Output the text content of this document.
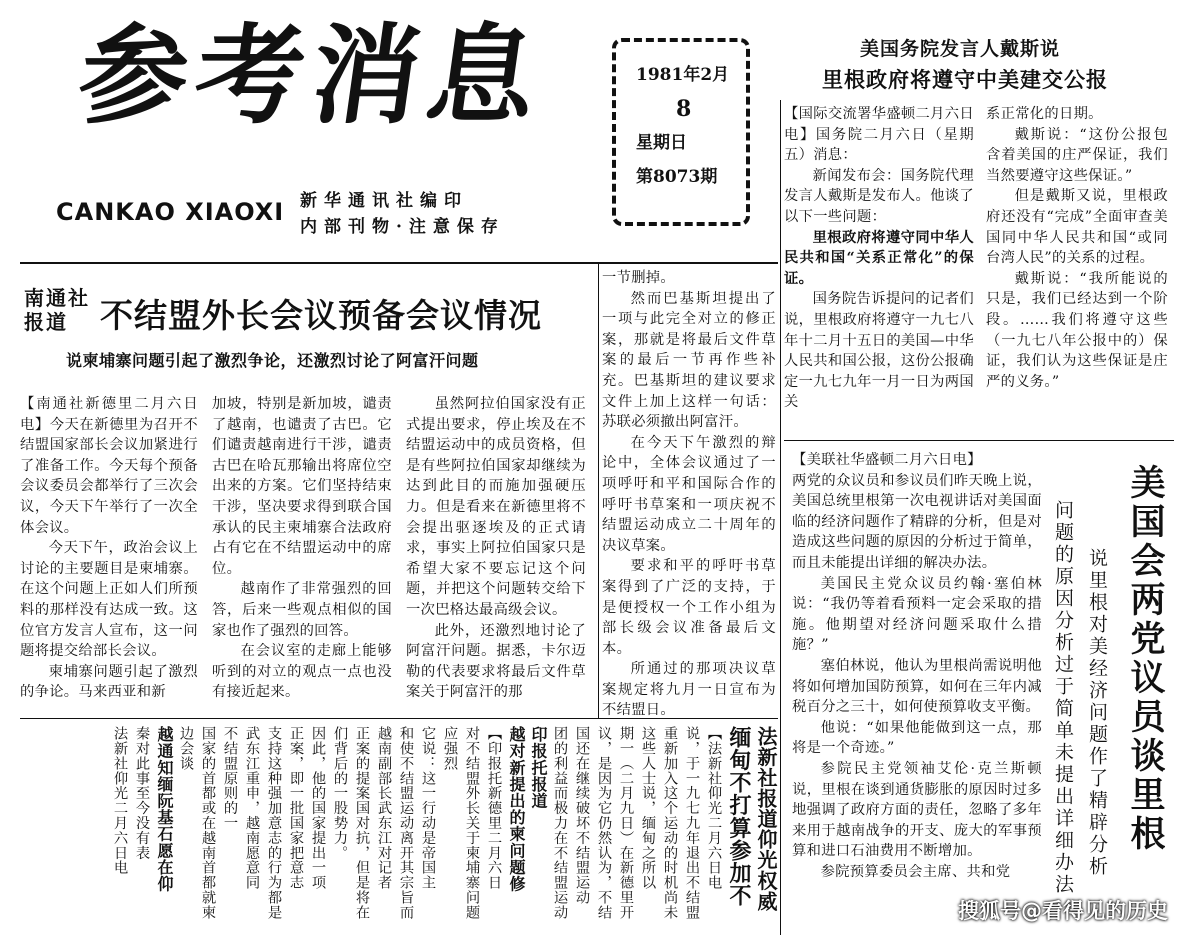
参考消息
CANKAO XIAOXI 新华通讯社编印
内部刊物·注意保存
1981年2月
8
星期日
第8073期
美国务院发言人戴斯说
里根政府将遵守中美建交公报

【国际交流署华盛顿二月六日电】国务院二月六日（星期五）消息：

新闻发布会：国务院代理发言人戴斯是发布人。他谈了以下一些问题：

里根政府将遵守同中华人民共和国“关系正常化”的保证。

国务院告诉提问的记者们说，里根政府将遵守一九七八年十二月十五日的美国—中华人民共和国公报，这份公报确定一九七九年一月一日为两国关

系正常化的日期。

戴斯说：“这份公报包含着美国的庄严保证，我们当然要遵守这些保证。”

但是戴斯又说，里根政府还没有“完成”全面审查美国同中华人民共和国“或同台湾人民”的关系的过程。

戴斯说：“我所能说的只是，我们已经达到一个阶段。……我们将遵守这些（一九七八年公报中的）保证，我们认为这些保证是庄严的义务。”

南通社报道 不结盟外长会议预备会议情况
说柬埔寨问题引起了激烈争论，还激烈讨论了阿富汗问题

【南通社新德里二月六日电】今天在新德里为召开不结盟国家部长会议加紧进行了准备工作。今天每个预备会议委员会都举行了三次会议，今天下午举行了一次全体会议。

今天下午，政治会议上讨论的主要题目是柬埔寨。在这个问题上正如人们所预料的那样没有达成一致。这位官方发言人宣布，这一问题将提交给部长会议。

柬埔寨问题引起了激烈的争论。马来西亚和新

加坡，特别是新加坡，谴责了越南，也谴责了古巴。它们谴责越南进行干涉，谴责古巴在哈瓦那输出将席位空出来的方案。它们坚持结束干涉，坚决要求得到联合国承认的民主柬埔寨合法政府占有它在不结盟运动中的席位。

越南作了非常强烈的回答，后来一些观点相似的国家也作了强烈的回答。

在会议室的走廊上能够听到的对立的观点一点也没有接近起来。

虽然阿拉伯国家没有正式提出要求，停止埃及在不结盟运动中的成员资格，但是有些阿拉伯国家却继续为达到此目的而施加强硬压力。但是看来在新德里将不会提出驱逐埃及的正式请求，事实上阿拉伯国家只是希望大家不要忘记这个问题，并把这个问题转交给下一次巴格达最高级会议。

此外，还激烈地讨论了阿富汗问题。据悉，卡尔迈勒的代表要求将最后文件草案关于阿富汗的那

一节删掉。

然而巴基斯坦提出了一项与此完全对立的修正案，那就是将最后文件草案的最后一节再作些补充。巴基斯坦的建议要求文件上加上这样一句话：苏联必须撤出阿富汗。

在今天下午激烈的辩论中，全体会议通过了一项呼吁和平和国际合作的呼吁书草案和一项庆祝不结盟运动成立二十周年的决议草案。

要求和平的呼吁书草案得到了广泛的支持，于是便授权一个工作小组为部长级会议准备最后文本。

所通过的那项决议草案规定将九月一日宣布为不结盟日。

【美联社华盛顿二月六日电】

两党的众议员和参议员们昨天晚上说，美国总统里根第一次电视讲话对美国面临的经济问题作了精辟的分析，但是对造成这些问题的原因的分析过于简单，而且未能提出详细的解决办法。

美国民主党众议员约翰·塞伯林说：“我仍等着看预料一定会采取的措施。他期望对经济问题采取什么措施？”

塞伯林说，他认为里根尚需说明他将如何增加国防预算，如何在三年内减税百分之三十，如何使预算收支平衡。

他说：“如果他能做到这一点，那将是一个奇迹。”

参院民主党领袖艾伦·克兰斯顿说，里根在谈到通货膨胀的原因时过多地强调了政府方面的责任，忽略了多年来用于越南战争的开支、庞大的军事预算和进口石油费用不断增加。

参院预算委员会主席、共和党

美国会两党议员谈里根
说里根对美经济问题作了精辟分析
问题的原因分析过于简单未提出详细办法
法新社报道仰光权威
缅甸不打算参加不
【法新社仰光二月六日电
说，于一九七九年退出不结盟
重新加入这个运动的时机尚未
这些人士说，缅甸之所以
期一（二月九日）在新德里开
议，是因为它仍然认为，不结
国还在继续破坏不结盟运动
团的利益而极力在不结盟运动
印报托报道
越对新提出的柬问题修
【印报托新德里二月六日
对不结盟外长关于柬埔寨问题
应强烈
它说：这一行动是帝国主
和使不结盟运动离开其宗旨而
越南副部长武东江对记者
正案的提案国对抗，但是将在
们背后的一股势力。
因此，他的国家提出一项
正案，即一批国家把意志
支持这种强加意志的行为都是
武东江重申，越南愿意同
不结盟原则的一
国家的首都或在越南首都就柬
边会谈
越通知缅阮基石愿在仰
秦对此事至今没有表
法新社仰光二月六日电
搜狐号@看得见的历史
